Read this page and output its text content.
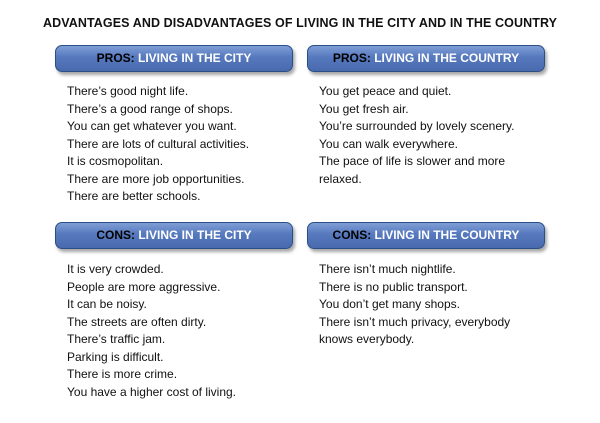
ADVANTAGES AND DISADVANTAGES OF LIVING IN THE CITY AND IN THE COUNTRY
PROS: LIVING IN THE CITY
There’s good night life.
There’s a good range of shops.
You can get whatever you want.
There are lots of cultural activities.
It is cosmopolitan.
There are more job opportunities.
There are better schools.
PROS: LIVING IN THE COUNTRY
You get peace and quiet.
You get fresh air.
You’re surrounded by lovely scenery.
You can walk everywhere.
The pace of life is slower and more
relaxed.
CONS: LIVING IN THE CITY
It is very crowded.
People are more aggressive.
It can be noisy.
The streets are often dirty.
There’s traffic jam.
Parking is difficult.
There is more crime.
You have a higher cost of living.
CONS: LIVING IN THE COUNTRY
There isn’t much nightlife.
There is no public transport.
You don’t get many shops.
There isn’t much privacy, everybody
knows everybody.
